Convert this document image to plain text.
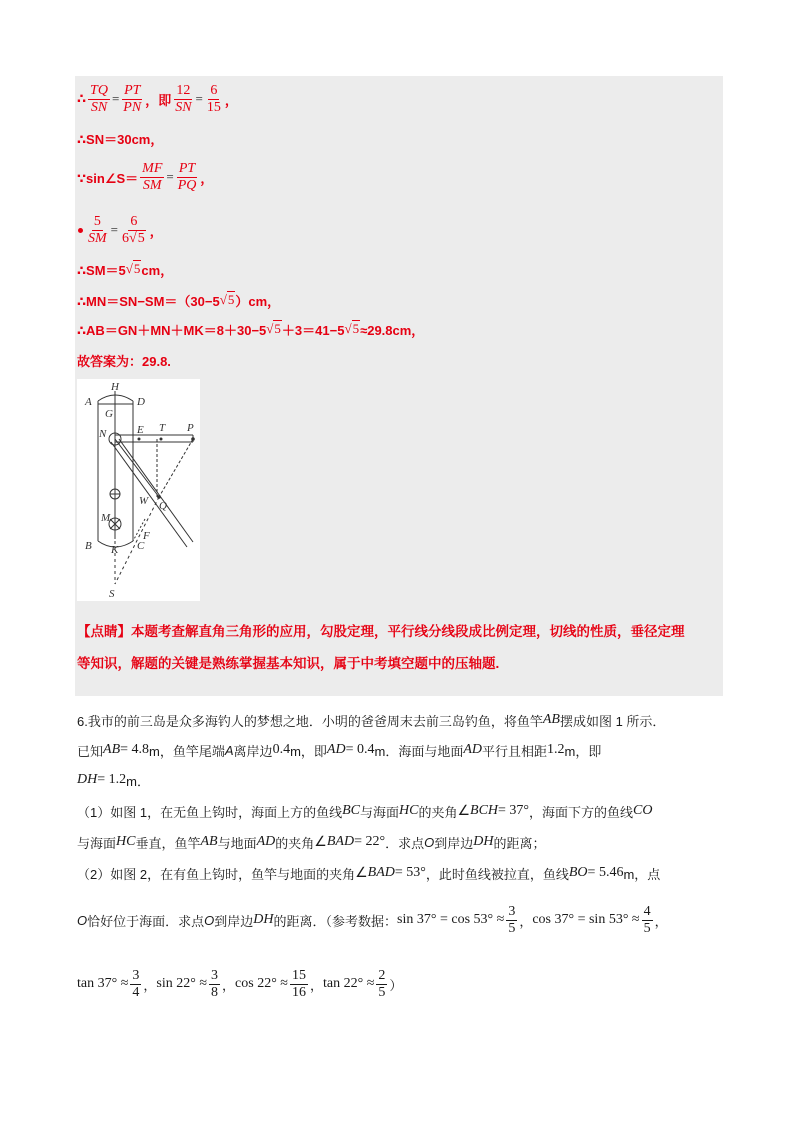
∴ $\frac{TQ}{SN} = \frac{PT}{PN}$ ，即 $\frac{12}{SN} = \frac{6}{15}$ ，
∴SN＝30cm，
∵sin∠S＝ $\frac{MF}{SM} = \frac{PT}{PQ}$ ，
$\frac{5}{SM} = \frac{6}{6√5}$ ，
∴SM＝5 √5 cm，
∴MN＝SN−SM＝（30−5 √5 ）cm，
∴AB＝GN＋MN＋MK＝8＋30−5 √5 ＋3＝41−5 √5 ≈29.8cm，
故答案为：29.8.
H
A
G
D
N	E T P
W Q
M
B K C
F
S
【点睛】本题考查解直角三角形的应用，勾股定理，平行线分线段成比例定理，切线的性质，垂径定理
等知识，解题的关键是熟练掌握基本知识，属于中考填空题中的压轴题.
6.我市的前三岛是众多海钓人的梦想之地．小明的爸爸周末去前三岛钓鱼，将鱼竿 AB 摆成如图 1 所示．
已知 AB = 4.8 m，鱼竿尾端 A 离岸边 0.4 m，即 AD = 0.4 m．海面与地面 AD 平行且相距 1.2 m，即
DH = 1.2 m．
（1）如图 1，在无鱼上钩时，海面上方的鱼线 BC 与海面 HC 的夹角 ∠ BCH = 37° ，海面下方的鱼线 CO
与海面 HC 垂直，鱼竿 AB 与地面 AD 的夹角 ∠ BAD = 22° ．求点 O 到岸边 DH 的距离；
（2）如图 2，在有鱼上钩时，鱼竿与地面的夹角 ∠ BAD = 53° ，此时鱼线被拉直，鱼线 BO = 5.46 m，点
O 恰好位于海面．求点 O 到岸边 DH 的距离．（参考数据： $\sin 37^\circ = \cos 53^\circ \approx \frac{3}{5}$ ， $\cos 37^\circ = \sin 53^\circ \approx \frac{4}{5}$ ，
$\tan 37^\circ \approx \frac{3}{4}$ ， $\sin 22^\circ \approx \frac{3}{8}$ ， $\cos 22^\circ \approx \frac{15}{16}$ ， $\tan 22^\circ \approx \frac{2}{5}$ ）
